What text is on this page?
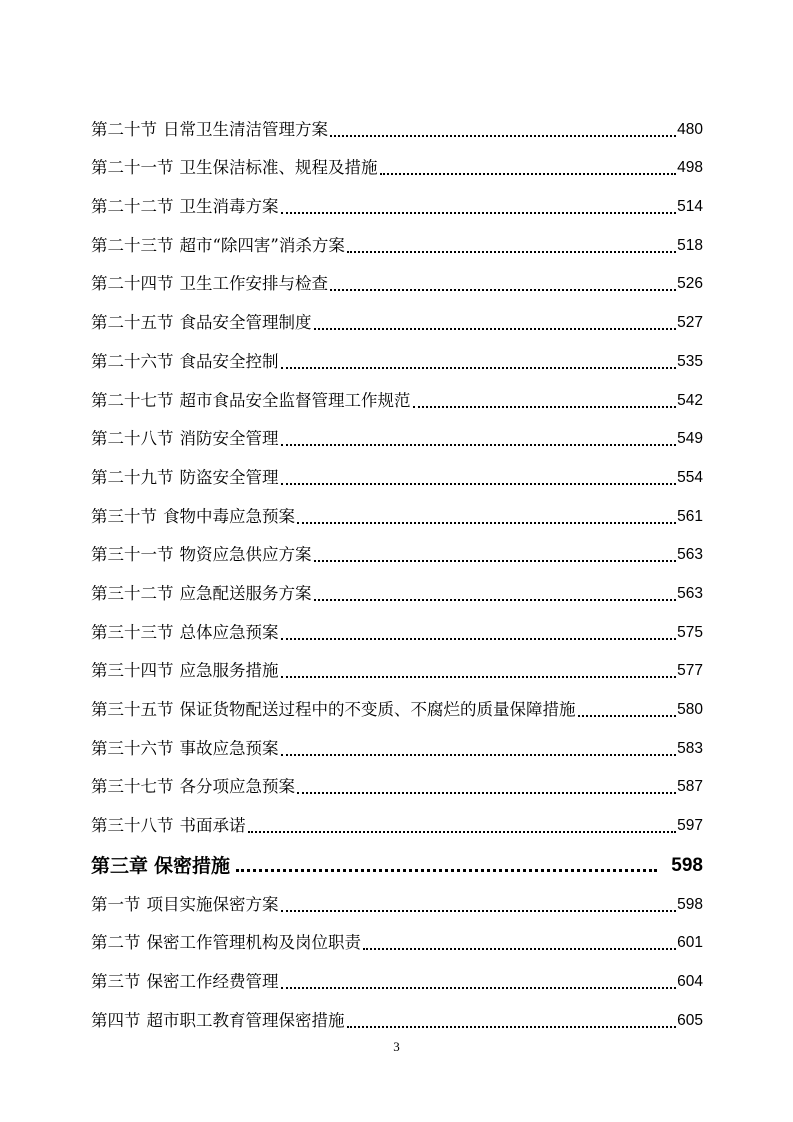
第二十节 日常卫生清洁管理方案	480
第二十一节 卫生保洁标准、规程及措施	498
第二十二节 卫生消毒方案	514
第二十三节 超市“除四害”消杀方案	518
第二十四节 卫生工作安排与检查	526
第二十五节 食品安全管理制度	527
第二十六节 食品安全控制	535
第二十七节 超市食品安全监督管理工作规范	542
第二十八节 消防安全管理	549
第二十九节 防盗安全管理	554
第三十节 食物中毒应急预案	561
第三十一节 物资应急供应方案	563
第三十二节 应急配送服务方案	563
第三十三节 总体应急预案	575
第三十四节 应急服务措施	577
第三十五节 保证货物配送过程中的不变质、不腐烂的质量保障措施	580
第三十六节 事故应急预案	583
第三十七节 各分项应急预案	587
第三十八节 书面承诺	597
第三章 保密措施	598
第一节 项目实施保密方案	598
第二节 保密工作管理机构及岗位职责	601
第三节 保密工作经费管理	604
第四节 超市职工教育管理保密措施	605
3
